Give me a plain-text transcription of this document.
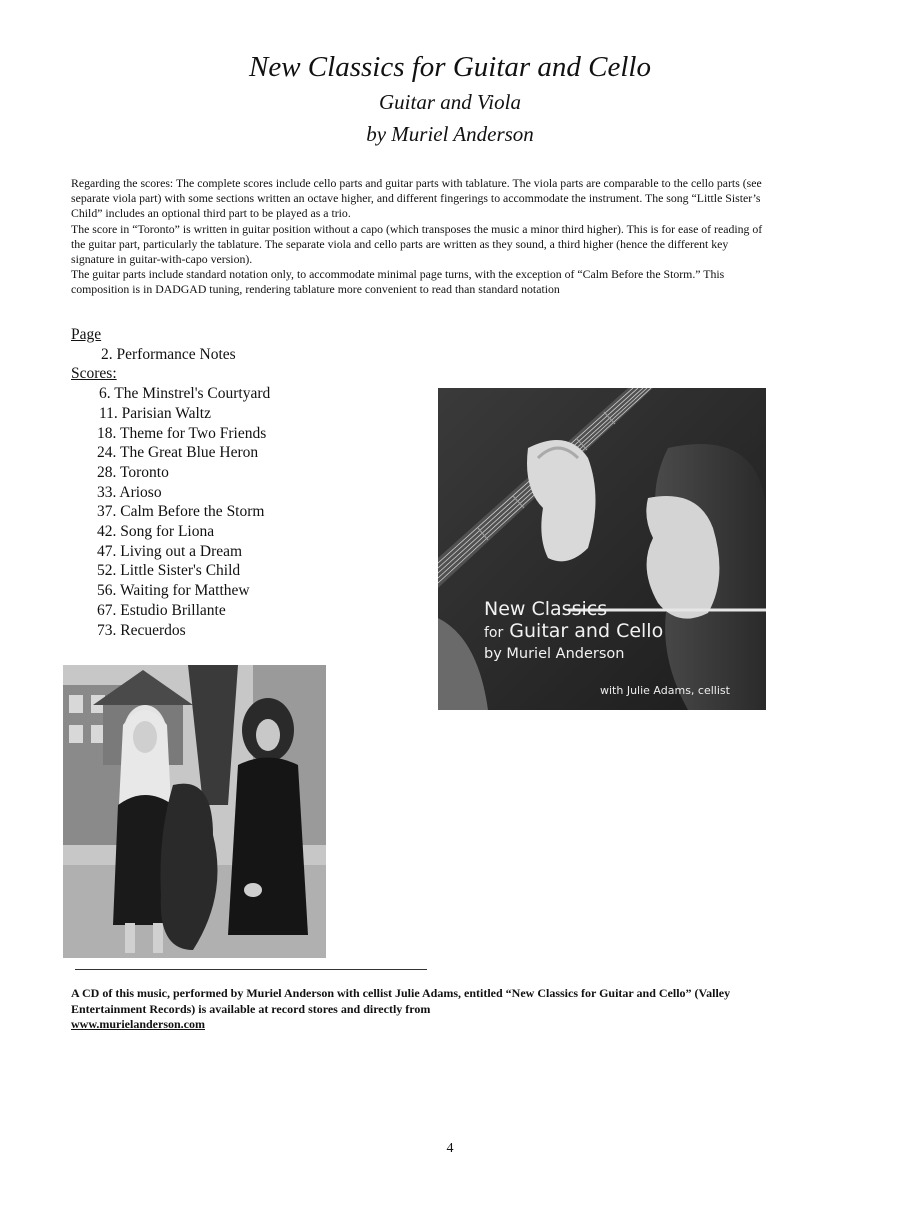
New Classics for Guitar and Cello

Guitar and Viola

by Muriel Anderson

Regarding the scores: The complete scores include cello parts and guitar parts with tablature. The viola parts are comparable to the cello parts (see separate viola part) with some sections written an octave higher, and different fingerings to accommodate the instrument. The song “Little Sister’s Child” includes an optional third part to be played as a trio.

The score in “Toronto” is written in guitar position without a capo (which transposes the music a minor third higher). This is for ease of reading of the guitar part, particularly the tablature. The separate viola and cello parts are written as they sound, a third higher (hence the different key signature in guitar-with-capo version).

The guitar parts include standard notation only, to accommodate minimal page turns, with the exception of “Calm Before the Storm.” This composition is in DADGAD tuning, rendering tablature more convenient to read than standard notation

Page
2. Performance Notes
Scores:
6. The Minstrel's Courtyard
11. Parisian Waltz
18. Theme for Two Friends
24. The Great Blue Heron
28. Toronto
33. Arioso
37. Calm Before the Storm
42. Song for Liona
47. Living out a Dream
52. Little Sister's Child
56. Waiting for Matthew
67. Estudio Brillante
73. Recuerdos
New Classics
for Guitar and Cello
by Muriel Anderson
with Julie Adams, cellist
A CD of this music, performed by Muriel Anderson with cellist Julie Adams, entitled “New Classics for Guitar and Cello” (Valley Entertainment Records) is available at record stores and directly from
www.murielanderson.com
4
